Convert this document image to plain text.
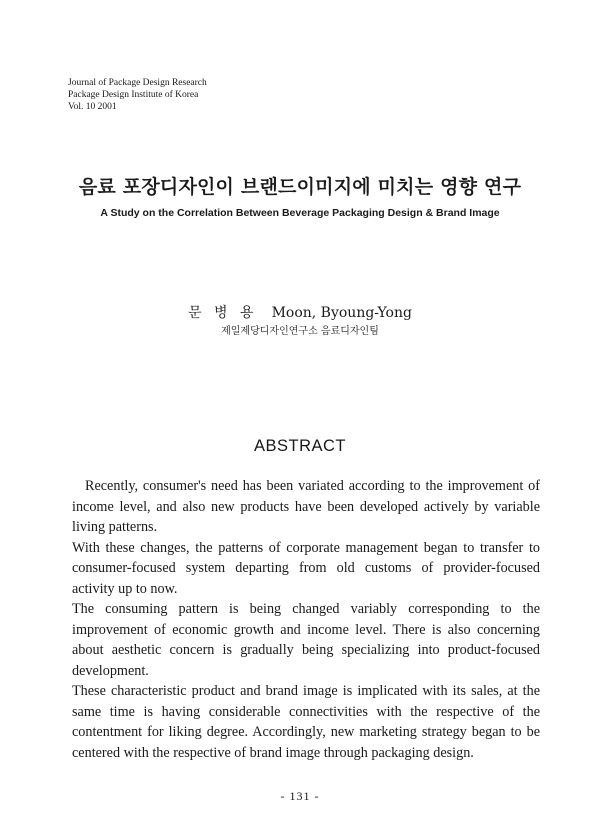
Journal of Package Design Research
Package Design Institute of Korea
Vol. 10 2001
음료 포장디자인이 브랜드이미지에 미치는 영향 연구
A Study on the Correlation Between Beverage Packaging Design & Brand Image
문 병 용 Moon, Byoung-Yong
제일제당디자인연구소 음료디자인팀
ABSTRACT

Recently, consumer's need has been variated according to the improvement of income level, and also new products have been developed actively by variable living patterns.

With these changes, the patterns of corporate management began to transfer to consumer-focused system departing from old customs of provider-focused activity up to now.

The consuming pattern is being changed variably corresponding to the improvement of economic growth and income level. There is also concerning about aesthetic concern is gradually being specializing into product-focused development.

These characteristic product and brand image is implicated with its sales, at the same time is having considerable connectivities with the respective of the contentment for liking degree. Accordingly, new marketing strategy began to be centered with the respective of brand image through packaging design.

- 131 -
